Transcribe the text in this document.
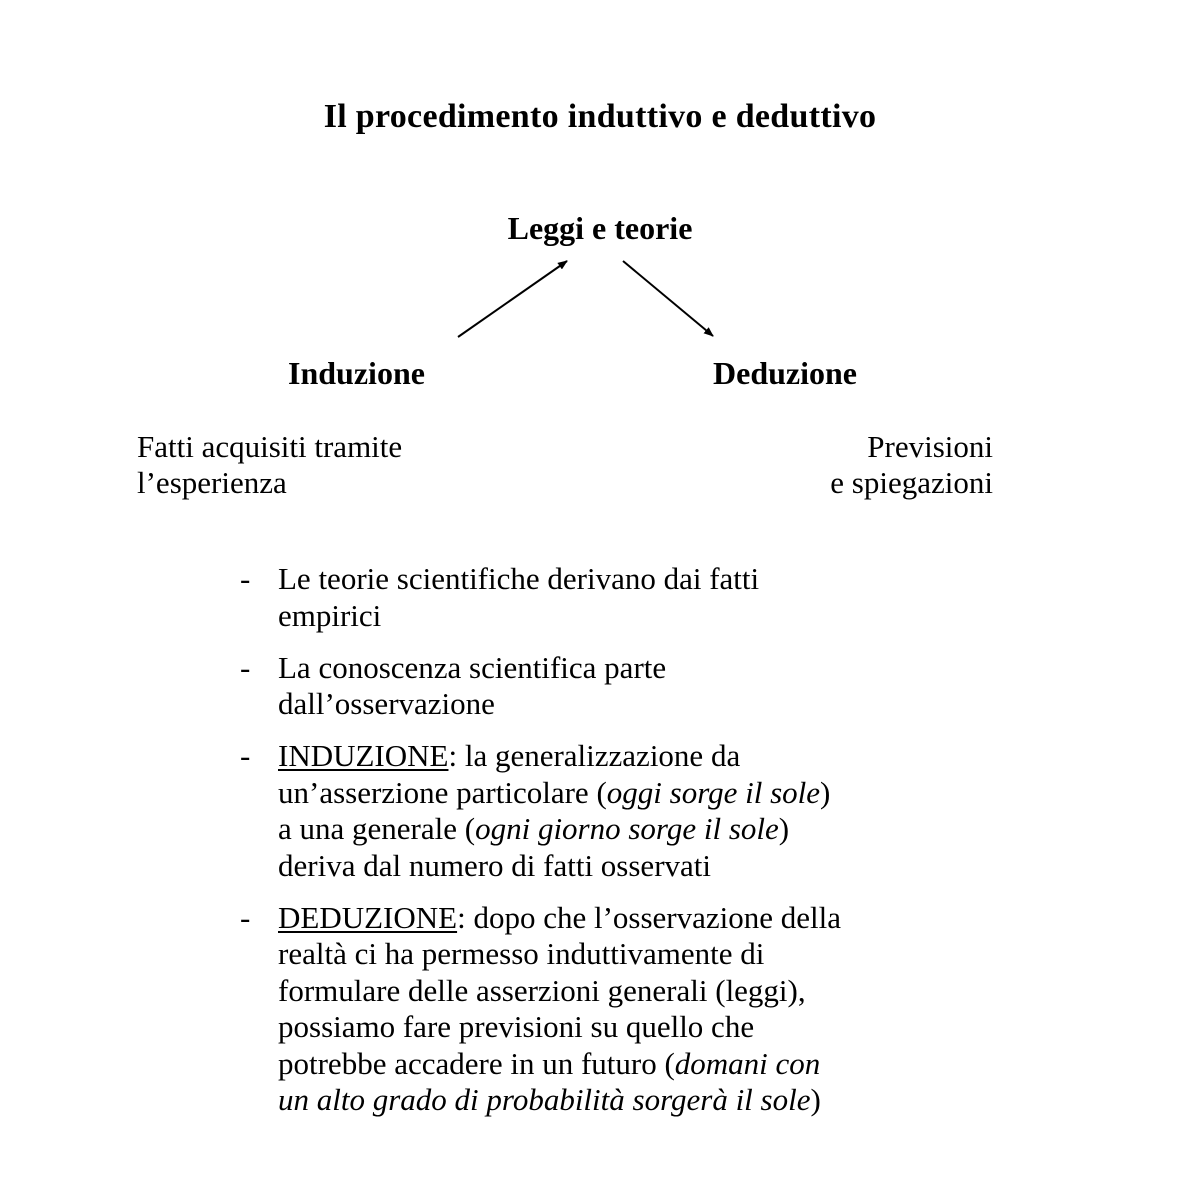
Il procedimento induttivo e deduttivo
Leggi e teorie
Induzione	Deduzione
Fatti acquisiti tramite
l’esperienza
Previsioni
e spiegazioni
- Le teorie scientifiche derivano dai fatti
empirici
- La conoscenza scientifica parte
dall’osservazione
- INDUZIONE: la generalizzazione da
un’asserzione particolare (oggi sorge il sole)
a una generale (ogni giorno sorge il sole)
deriva dal numero di fatti osservati
- DEDUZIONE: dopo che l’osservazione della
realtà ci ha permesso induttivamente di
formulare delle asserzioni generali (leggi),
possiamo fare previsioni su quello che
potrebbe accadere in un futuro (domani con
un alto grado di probabilità sorgerà il sole)
